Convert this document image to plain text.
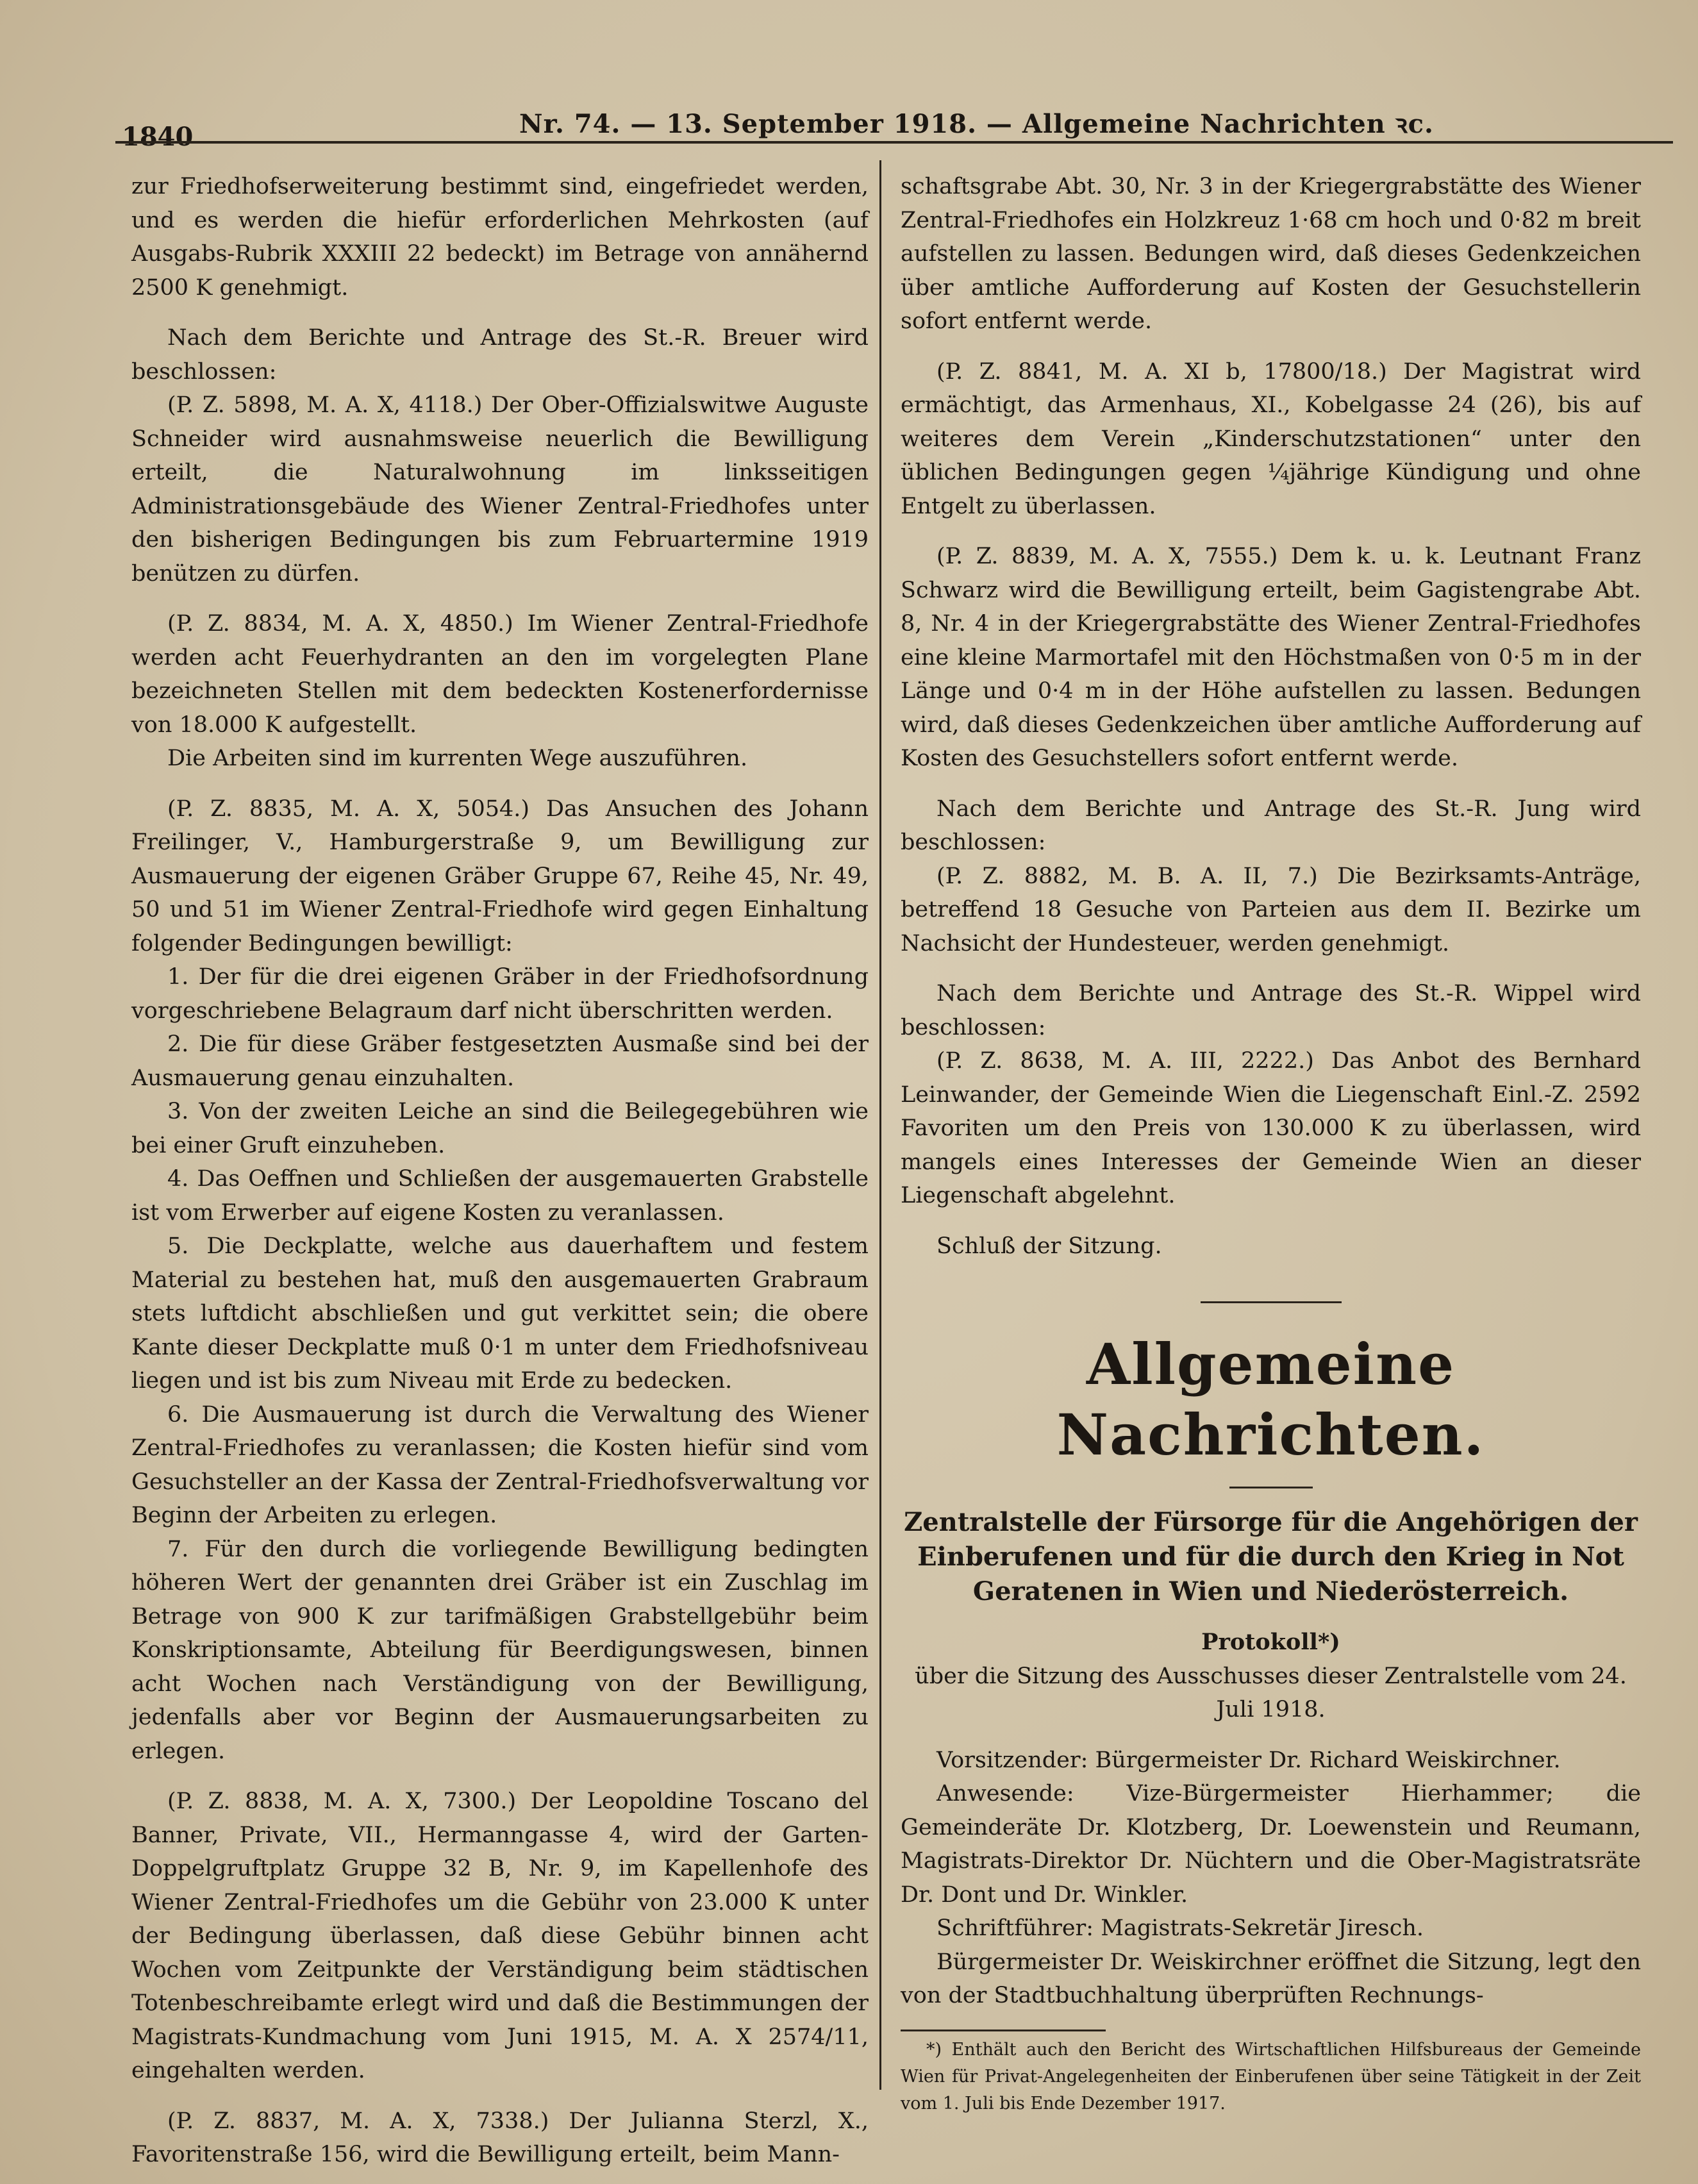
1840	Nr. 74. — 13. September 1918. — Allgemeine Nachrichten ꝛc.

zur Friedhofserweiterung bestimmt sind, eingefriedet werden, und es werden die hiefür erforderlichen Mehrkosten (auf Ausgabs-Rubrik XXXIII 22 bedeckt) im Betrage von annähernd 2500 K genehmigt.

Nach dem Berichte und Antrage des St.-R. Breuer wird beschlossen:

(P. Z. 5898, M. A. X, 4118.) Der Ober-Offizialswitwe Auguste Schneider wird ausnahmsweise neuerlich die Bewilligung erteilt, die Naturalwohnung im linksseitigen Administrationsgebäude des Wiener Zentral-Friedhofes unter den bisherigen Bedingungen bis zum Februartermine 1919 benützen zu dürfen.

(P. Z. 8834, M. A. X, 4850.) Im Wiener Zentral-Friedhofe werden acht Feuerhydranten an den im vorgelegten Plane bezeichneten Stellen mit dem bedeckten Kostenerfordernisse von 18.000 K aufgestellt.

Die Arbeiten sind im kurrenten Wege auszuführen.

(P. Z. 8835, M. A. X, 5054.) Das Ansuchen des Johann Freilinger, V., Hamburgerstraße 9, um Bewilligung zur Ausmauerung der eigenen Gräber Gruppe 67, Reihe 45, Nr. 49, 50 und 51 im Wiener Zentral-Friedhofe wird gegen Einhaltung folgender Bedingungen bewilligt:

1. Der für die drei eigenen Gräber in der Friedhofsordnung vorgeschriebene Belagraum darf nicht überschritten werden.

2. Die für diese Gräber festgesetzten Ausmaße sind bei der Ausmauerung genau einzuhalten.

3. Von der zweiten Leiche an sind die Beilegegebühren wie bei einer Gruft einzuheben.

4. Das Oeffnen und Schließen der ausgemauerten Grabstelle ist vom Erwerber auf eigene Kosten zu veranlassen.

5. Die Deckplatte, welche aus dauerhaftem und festem Material zu bestehen hat, muß den ausgemauerten Grabraum stets luftdicht abschließen und gut verkittet sein; die obere Kante dieser Deckplatte muß 0·1 m unter dem Friedhofsniveau liegen und ist bis zum Niveau mit Erde zu bedecken.

6. Die Ausmauerung ist durch die Verwaltung des Wiener Zentral-Friedhofes zu veranlassen; die Kosten hiefür sind vom Gesuchsteller an der Kassa der Zentral-Friedhofsverwaltung vor Beginn der Arbeiten zu erlegen.

7. Für den durch die vorliegende Bewilligung bedingten höheren Wert der genannten drei Gräber ist ein Zuschlag im Betrage von 900 K zur tarifmäßigen Grabstellgebühr beim Konskriptionsamte, Abteilung für Beerdigungswesen, binnen acht Wochen nach Verständigung von der Bewilligung, jedenfalls aber vor Beginn der Ausmauerungsarbeiten zu erlegen.

(P. Z. 8838, M. A. X, 7300.) Der Leopoldine Toscano del Banner, Private, VII., Hermanngasse 4, wird der Garten-Doppelgruftplatz Gruppe 32 B, Nr. 9, im Kapellenhofe des Wiener Zentral-Friedhofes um die Gebühr von 23.000 K unter der Bedingung überlassen, daß diese Gebühr binnen acht Wochen vom Zeitpunkte der Verständigung beim städtischen Totenbeschreibamte erlegt wird und daß die Bestimmungen der Magistrats-Kundmachung vom Juni 1915, M. A. X 2574/11, eingehalten werden.

(P. Z. 8837, M. A. X, 7338.) Der Julianna Sterzl, X., Favoritenstraße 156, wird die Bewilligung erteilt, beim Mann-

schaftsgrabe Abt. 30, Nr. 3 in der Kriegergrabstätte des Wiener Zentral-Friedhofes ein Holzkreuz 1·68 cm hoch und 0·82 m breit aufstellen zu lassen. Bedungen wird, daß dieses Gedenkzeichen über amtliche Aufforderung auf Kosten der Gesuchstellerin sofort entfernt werde.

(P. Z. 8841, M. A. XI b, 17800/18.) Der Magistrat wird ermächtigt, das Armenhaus, XI., Kobelgasse 24 (26), bis auf weiteres dem Verein „Kinderschutzstationen“ unter den üblichen Bedingungen gegen ¼jährige Kündigung und ohne Entgelt zu überlassen.

(P. Z. 8839, M. A. X, 7555.) Dem k. u. k. Leutnant Franz Schwarz wird die Bewilligung erteilt, beim Gagistengrabe Abt. 8, Nr. 4 in der Kriegergrabstätte des Wiener Zentral-Friedhofes eine kleine Marmortafel mit den Höchstmaßen von 0·5 m in der Länge und 0·4 m in der Höhe aufstellen zu lassen. Bedungen wird, daß dieses Gedenkzeichen über amtliche Aufforderung auf Kosten des Gesuchstellers sofort entfernt werde.

Nach dem Berichte und Antrage des St.-R. Jung wird beschlossen:

(P. Z. 8882, M. B. A. II, 7.) Die Bezirksamts-Anträge, betreffend 18 Gesuche von Parteien aus dem II. Bezirke um Nachsicht der Hundesteuer, werden genehmigt.

Nach dem Berichte und Antrage des St.-R. Wippel wird beschlossen:

(P. Z. 8638, M. A. III, 2222.) Das Anbot des Bernhard Leinwander, der Gemeinde Wien die Liegenschaft Einl.-Z. 2592 Favoriten um den Preis von 130.000 K zu überlassen, wird mangels eines Interesses der Gemeinde Wien an dieser Liegenschaft abgelehnt.

Schluß der Sitzung.

Allgemeine Nachrichten.
Zentralstelle der Fürsorge für die Angehörigen der Einberufenen und für die durch den Krieg in Not Geratenen in Wien und Niederösterreich.

Protokoll*)

über die Sitzung des Ausschusses dieser Zentralstelle vom 24. Juli 1918.

Vorsitzender: Bürgermeister Dr. Richard Weiskirchner.

Anwesende: Vize-Bürgermeister Hierhammer; die Gemeinderäte Dr. Klotzberg, Dr. Loewenstein und Reumann, Magistrats-Direktor Dr. Nüchtern und die Ober-Magistratsräte Dr. Dont und Dr. Winkler.

Schriftführer: Magistrats-Sekretär Jiresch.

Bürgermeister Dr. Weiskirchner eröffnet die Sitzung, legt den von der Stadtbuchhaltung überprüften Rechnungs-

*) Enthält auch den Bericht des Wirtschaftlichen Hilfsbureaus der Gemeinde Wien für Privat-Angelegenheiten der Einberufenen über seine Tätigkeit in der Zeit vom 1. Juli bis Ende Dezember 1917.
